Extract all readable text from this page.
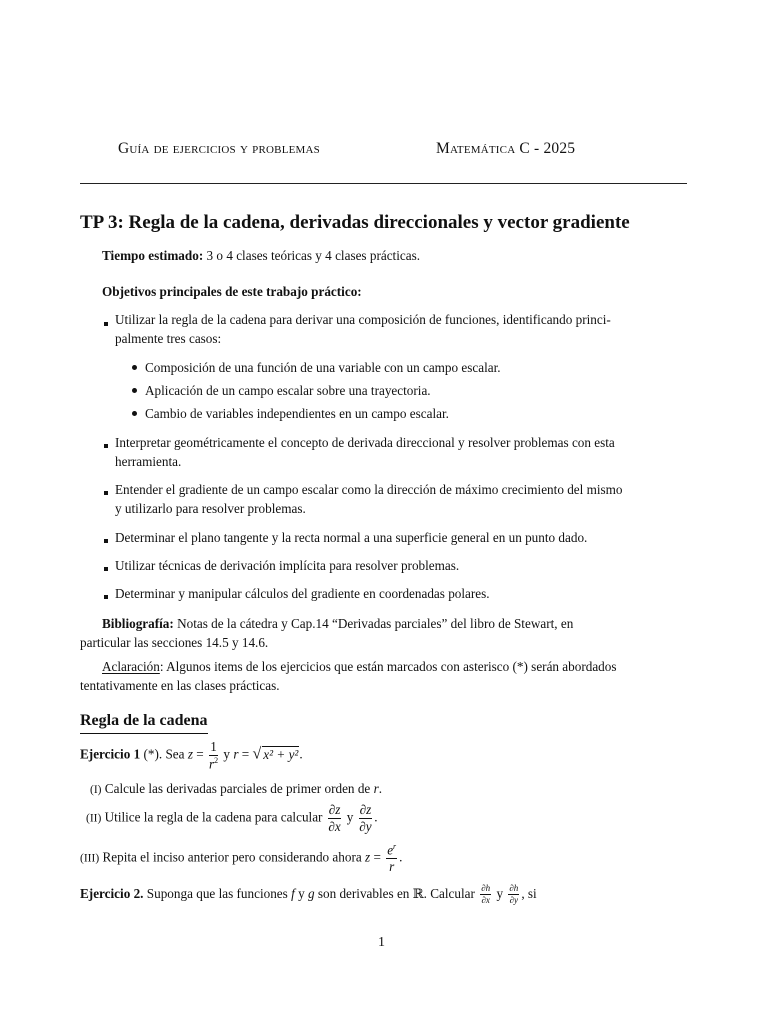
Guía de ejercicios y problemas	Matemática C - 2025
TP 3: Regla de la cadena, derivadas direccionales y vector gradiente
Tiempo estimado: 3 o 4 clases teóricas y 4 clases prácticas.
Objetivos principales de este trabajo práctico:
Utilizar la regla de la cadena para derivar una composición de funciones, identificando princi-
palmente tres casos:
Composición de una función de una variable con un campo escalar.
Aplicación de un campo escalar sobre una trayectoria.
Cambio de variables independientes en un campo escalar.
Interpretar geométricamente el concepto de derivada direccional y resolver problemas con esta
herramienta.
Entender el gradiente de un campo escalar como la dirección de máximo crecimiento del mismo
y utilizarlo para resolver problemas.
Determinar el plano tangente y la recta normal a una superficie general en un punto dado.
Utilizar técnicas de derivación implícita para resolver problemas.
Determinar y manipular cálculos del gradiente en coordenadas polares.
Bibliografía: Notas de la cátedra y Cap.14 “Derivadas parciales” del libro de Stewart, en
particular las secciones 14.5 y 14.6.
Aclaración: Algunos items de los ejercicios que están marcados con asterisco (*) serán abordados
tentativamente en las clases prácticas.
Regla de la cadena
Ejercicio 1 (*). Sea $z = \frac{1}{r^2}$ y r = √ x² + y².
(I) Calcule las derivadas parciales de primer orden de r.
(II) Utilice la regla de la cadena para calcular $\frac{\partial z}{\partial x}$ y $\frac{\partial z}{\partial y}$ .
(III) Repita el inciso anterior pero considerando ahora $z = \frac{e^r}{r}$ .
Ejercicio 2. Suponga que las funciones f y g son derivables en ℝ. Calcular $\frac{\partial h}{\partial x}$ y $\frac{\partial h}{\partial y}$ , si
1
